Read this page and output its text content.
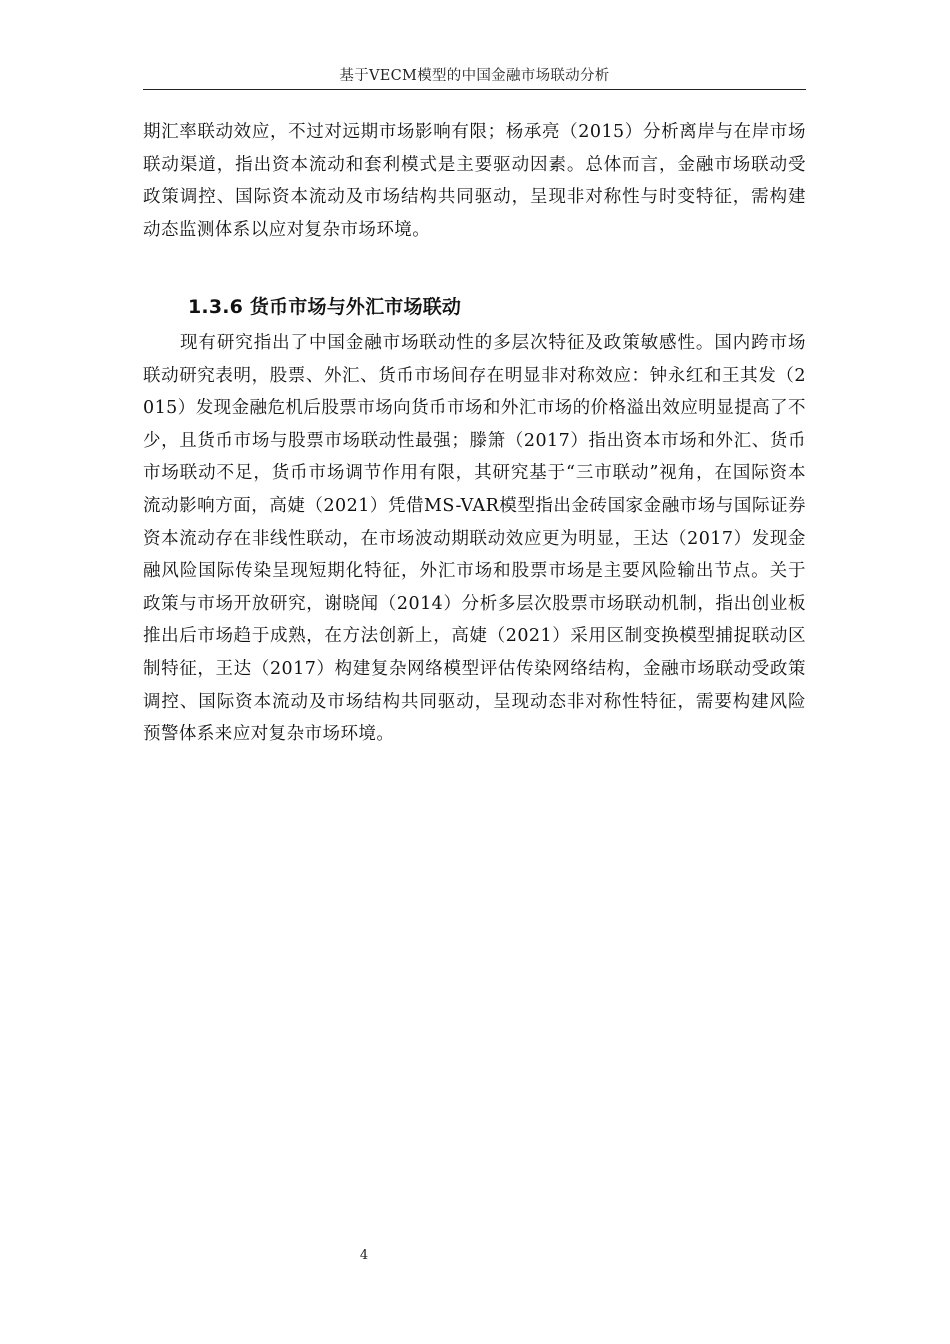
基于VECM模型的中国金融市场联动分析

期汇率联动效应，不过对远期市场影响有限；杨承亮（2015）分析离岸与在岸市场联动渠道，指出资本流动和套利模式是主要驱动因素。总体而言，金融市场联动受政策调控、国际资本流动及市场结构共同驱动，呈现非对称性与时变特征，需构建动态监测体系以应对复杂市场环境。

1.3.6 货币市场与外汇市场联动

现有研究指出了中国金融市场联动性的多层次特征及政策敏感性。国内跨市场联动研究表明，股票、外汇、货币市场间存在明显非对称效应：钟永红和王其发（2015）发现金融危机后股票市场向货币市场和外汇市场的价格溢出效应明显提高了不少，且货币市场与股票市场联动性最强；滕箫（2017）指出资本市场和外汇、货币市场联动不足，货币市场调节作用有限，其研究基于“三市联动”视角，在国际资本流动影响方面，高婕（2021）凭借MS-VAR模型指出金砖国家金融市场与国际证券资本流动存在非线性联动，在市场波动期联动效应更为明显，王达（2017）发现金融风险国际传染呈现短期化特征，外汇市场和股票市场是主要风险输出节点。关于政策与市场开放研究，谢晓闻（2014）分析多层次股票市场联动机制，指出创业板推出后市场趋于成熟，在方法创新上，高婕（2021）采用区制变换模型捕捉联动区制特征，王达（2017）构建复杂网络模型评估传染网络结构，金融市场联动受政策调控、国际资本流动及市场结构共同驱动，呈现动态非对称性特征，需要构建风险预警体系来应对复杂市场环境。

4
